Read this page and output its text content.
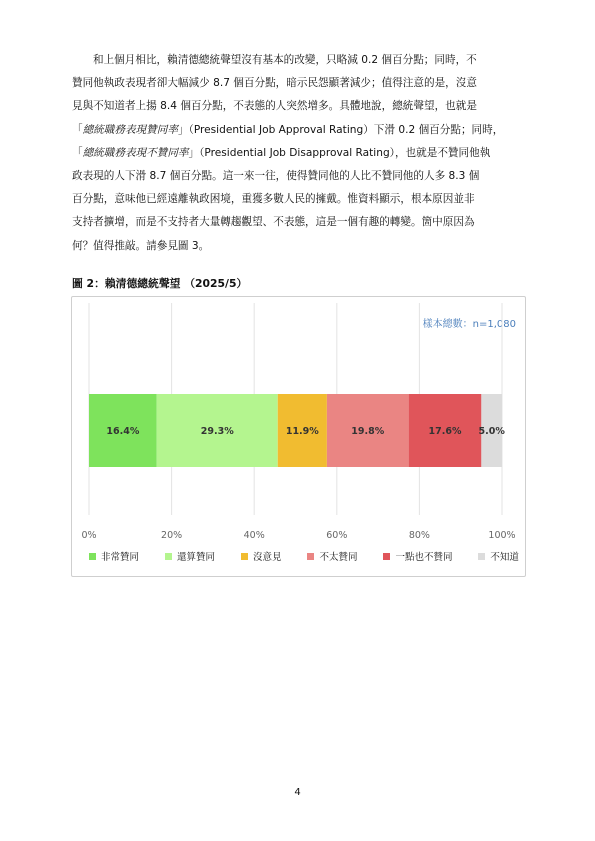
和上個月相比，賴清德總統聲望沒有基本的改變，只略減 0.2 個百分點；同時，不
贊同他執政表現者卻大幅減少 8.7 個百分點，暗示民怨顯著減少；值得注意的是，沒意
見與不知道者上揚 8.4 個百分點，不表態的人突然增多。具體地說，總統聲望，也就是
「總統職務表現贊同率」（Presidential Job Approval Rating）下滑 0.2 個百分點；同時，
「總統職務表現不贊同率」（Presidential Job Disapproval Rating），也就是不贊同他執
政表現的人下滑 8.7 個百分點。這一來一往，使得贊同他的人比不贊同他的人多 8.3 個
百分點，意味他已經遠離執政困境，重獲多數人民的擁戴。惟資料顯示，根本原因並非
支持者擴增，而是不支持者大量轉趨觀望、不表態，這是一個有趣的轉變。箇中原因為
何？值得推敲。請參見圖 3。
圖 2：賴清德總統聲望 （2025/5）
樣本總數：n=1,080
0%	20%	40%	60%	80%	100%
16.4%	29.3%	11.9%	19.8%	17.6% 5.0%
非常贊同	還算贊同	沒意見	不太贊同	一點也不贊同	不知道
4
